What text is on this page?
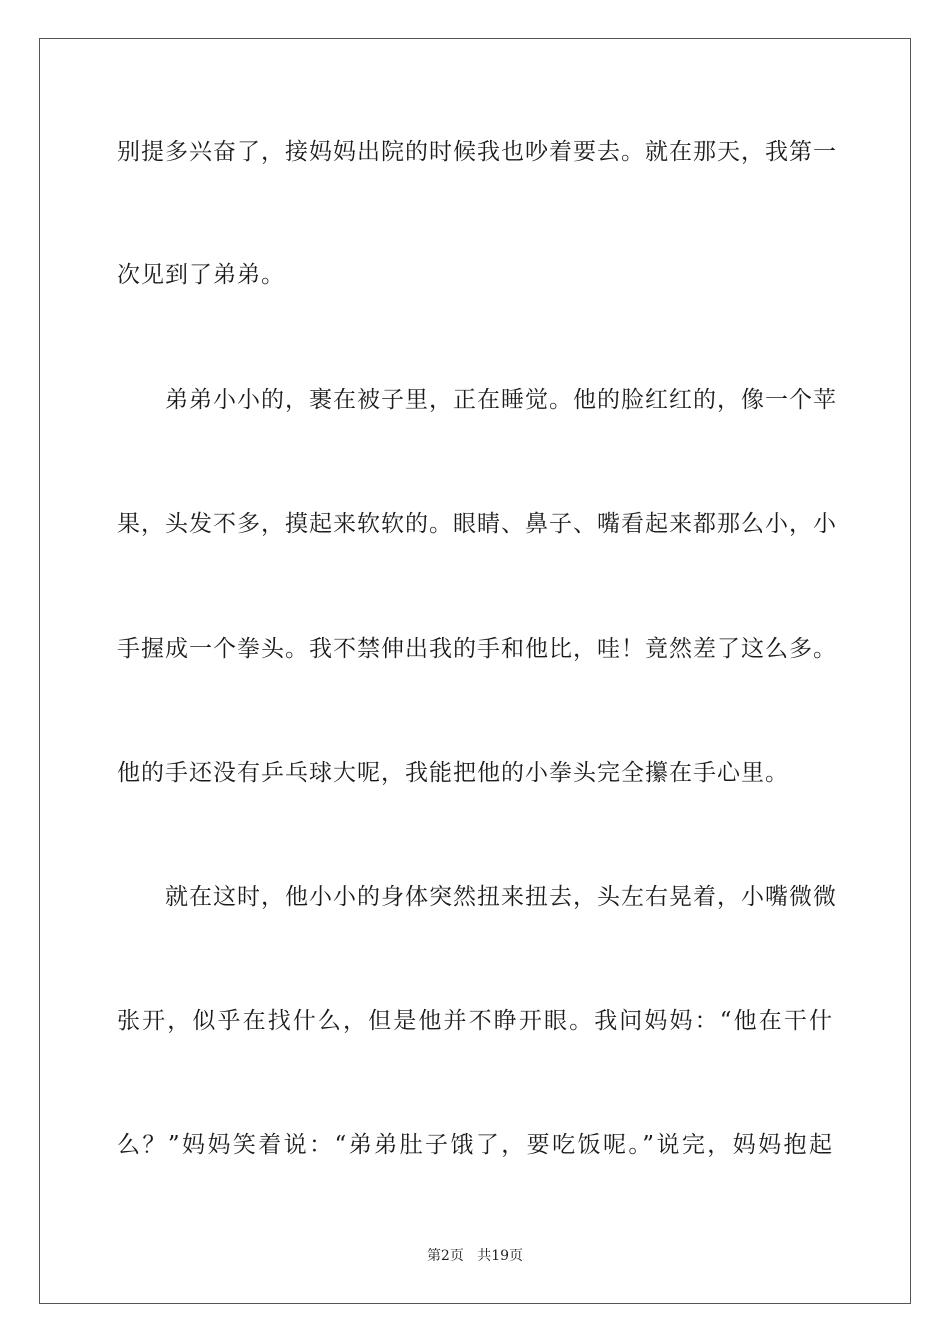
别提多兴奋了，接妈妈出院的时候我也吵着要去。就在那天，我第一
次见到了弟弟。
弟弟小小的，裹在被子里，正在睡觉。他的脸红红的，像一个苹
果，头发不多，摸起来软软的。眼睛、鼻子、嘴看起来都那么小，小
手握成一个拳头。我不禁伸出我的手和他比，哇！竟然差了这么多。
他的手还没有乒乓球大呢，我能把他的小拳头完全攥在手心里。
就在这时，他小小的身体突然扭来扭去，头左右晃着，小嘴微微
张开，似乎在找什么，但是他并不睁开眼。我问妈妈：“他在干什
么？”妈妈笑着说：“弟弟肚子饿了，要吃饭呢。”说完，妈妈抱起
第2页 共19页
